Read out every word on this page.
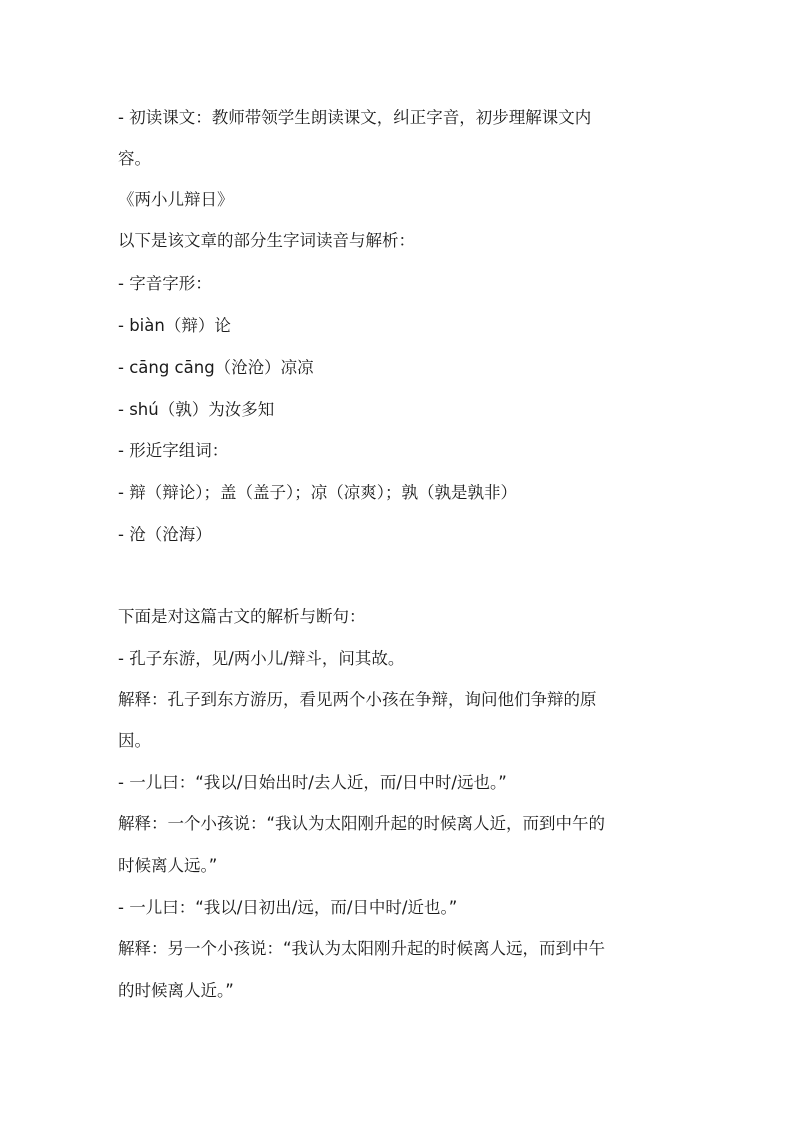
- 初读课文：教师带领学生朗读课文，纠正字音，初步理解课文内
容。
《两小儿辩日》
以下是该文章的部分生字词读音与解析：
- 字音字形：
- biàn（辩）论
- cāng cāng（沧沧）凉凉
- shú（孰）为汝多知
- 形近字组词：
- 辩（辩论）；盖（盖子）；凉（凉爽）；孰（孰是孰非）
- 沧（沧海）
下面是对这篇古文的解析与断句：
- 孔子东游，见/两小儿/辩斗，问其故。
解释：孔子到东方游历，看见两个小孩在争辩，询问他们争辩的原
因。
- 一儿曰：“我以/日始出时/去人近，而/日中时/远也。”
解释：一个小孩说：“我认为太阳刚升起的时候离人近，而到中午的
时候离人远。”
- 一儿曰：“我以/日初出/远，而/日中时/近也。”
解释：另一个小孩说：“我认为太阳刚升起的时候离人远，而到中午
的时候离人近。”
